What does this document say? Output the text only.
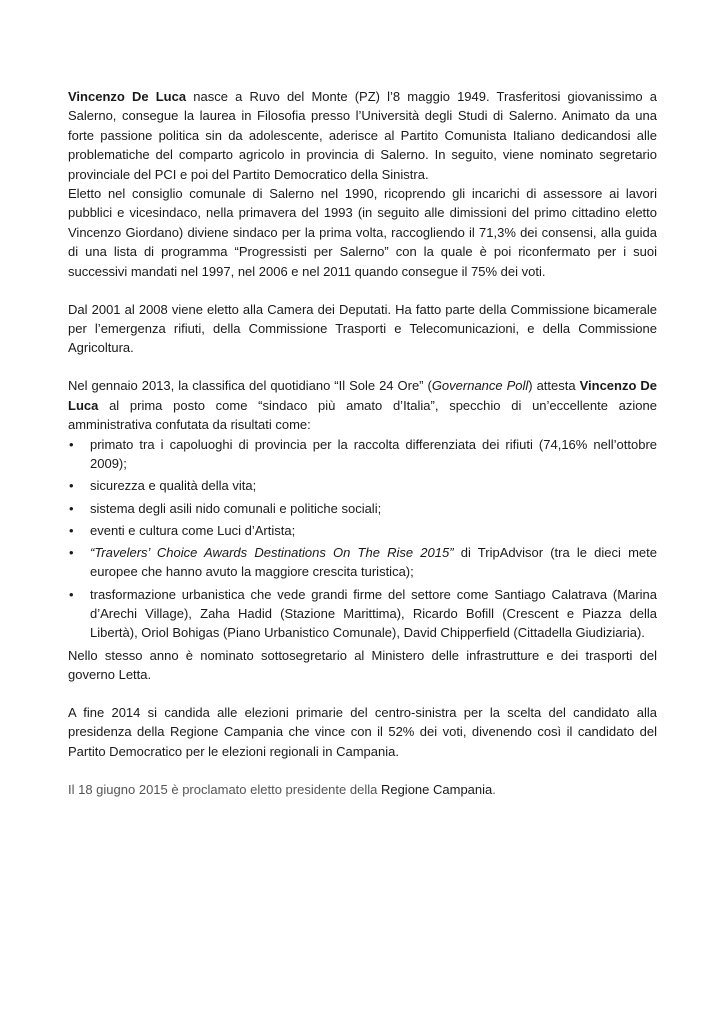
Vincenzo De Luca nasce a Ruvo del Monte (PZ) l’8 maggio 1949. Trasferitosi giovanissimo a Salerno, consegue la laurea in Filosofia presso l’Università degli Studi di Salerno. Animato da una forte passione politica sin da adolescente, aderisce al Partito Comunista Italiano dedicandosi alle problematiche del comparto agricolo in provincia di Salerno. In seguito, viene nominato segretario provinciale del PCI e poi del Partito Democratico della Sinistra.

Eletto nel consiglio comunale di Salerno nel 1990, ricoprendo gli incarichi di assessore ai lavori pubblici e vicesindaco, nella primavera del 1993 (in seguito alle dimissioni del primo cittadino eletto Vincenzo Giordano) diviene sindaco per la prima volta, raccogliendo il 71,3% dei consensi, alla guida di una lista di programma “Progressisti per Salerno” con la quale è poi riconfermato per i suoi successivi mandati nel 1997, nel 2006 e nel 2011 quando consegue il 75% dei voti.

Dal 2001 al 2008 viene eletto alla Camera dei Deputati. Ha fatto parte della Commissione bicamerale per l’emergenza rifiuti, della Commissione Trasporti e Telecomunicazioni, e della Commissione Agricoltura.

Nel gennaio 2013, la classifica del quotidiano “Il Sole 24 Ore” (Governance Poll) attesta Vincenzo De Luca al prima posto come “sindaco più amato d’Italia”, specchio di un’eccellente azione amministrativa confutata da risultati come:

• primato tra i capoluoghi di provincia per la raccolta differenziata dei rifiuti (74,16% nell’ottobre 2009);
• sicurezza e qualità della vita;
• sistema degli asili nido comunali e politiche sociali;
• eventi e cultura come Luci d’Artista;
• “Travelers’ Choice Awards Destinations On The Rise 2015” di TripAdvisor (tra le dieci mete europee che hanno avuto la maggiore crescita turistica);
• trasformazione urbanistica che vede grandi firme del settore come Santiago Calatrava (Marina d’Arechi Village), Zaha Hadid (Stazione Marittima), Ricardo Bofill (Crescent e Piazza della Libertà), Oriol Bohigas (Piano Urbanistico Comunale), David Chipperfield (Cittadella Giudiziaria).

Nello stesso anno è nominato sottosegretario al Ministero delle infrastrutture e dei trasporti del governo Letta.

A fine 2014 si candida alle elezioni primarie del centro-sinistra per la scelta del candidato alla presidenza della Regione Campania che vince con il 52% dei voti, divenendo così il candidato del Partito Democratico per le elezioni regionali in Campania.

Il 18 giugno 2015 è proclamato eletto presidente della Regione Campania.
